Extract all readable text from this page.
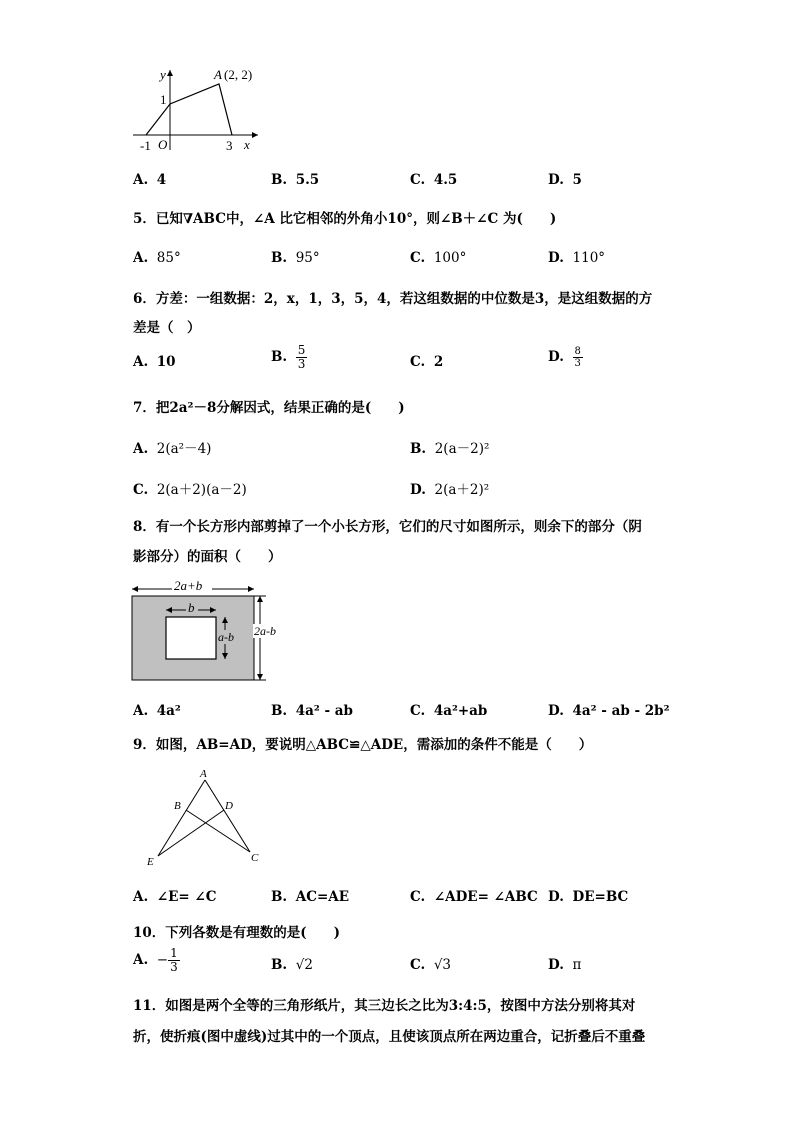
y
x
O
1
-1	3
A (2, 2)
A. 4	B. 5.5	C. 4.5	D. 5
5．已知∇ABC中，∠A 比它相邻的外角小10°，则∠B＋∠C 为(　　)
A. 85°	B. 95°	C. 100°	D. 110°
6．方差：一组数据：2，x，1，3，5，4，若这组数据的中位数是3，是这组数据的方
差是（　）
A. 10	B. $\frac{5}{3}$	C. 2	D. $\frac{8}{3}$
7．把2a²－8分解因式，结果正确的是(　　)
A. 2(a²－4)	B. 2(a－2)²
C. 2(a＋2)(a－2)	D. 2(a＋2)²
8．有一个长方形内部剪掉了一个小长方形，它们的尺寸如图所示，则余下的部分（阴
影部分）的面积（　　）
2a+b
b
a-b 2a-b
A. 4a²	B. 4a² - ab	C. 4a²+ab	D. 4a² - ab - 2b²
9．如图，AB=AD，要说明△ABC≌△ADE，需添加的条件不能是（　　）
A
B	D
E	C
A. ∠E= ∠C	B. AC=AE	C. ∠ADE= ∠ABC D. DE=BC
10．下列各数是有理数的是(　　)
A. − $\frac{1}{3}$	B. √2	C. √3	D. π
11．如图是两个全等的三角形纸片，其三边长之比为3:4:5，按图中方法分别将其对
折，使折痕(图中虚线)过其中的一个顶点，且使该顶点所在两边重合，记折叠后不重叠
